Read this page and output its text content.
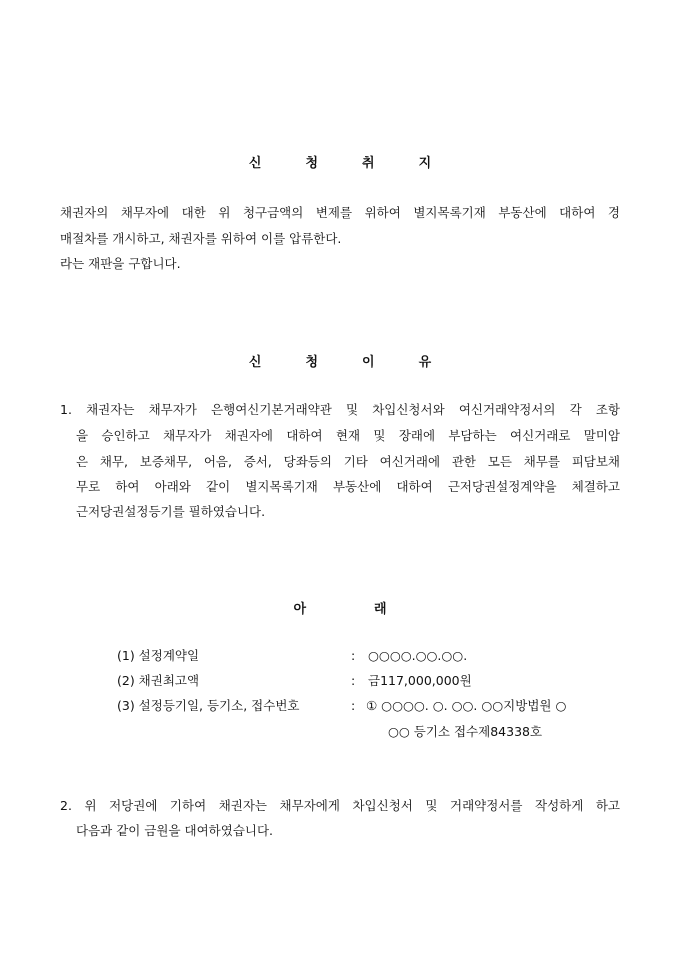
신	청	취	지
채권자의 채무자에 대한 위 청구금액의 변제를 위하여 별지목록기재 부동산에 대하여 경
매절차를 개시하고, 채권자를 위하여 이를 압류한다.
라는 재판을 구합니다.
신	청	이	유
1. 채권자는 채무자가 은행여신기본거래약관 및 차입신청서와 여신거래약정서의 각 조항
을 승인하고 채무자가 채권자에 대하여 현재 및 장래에 부담하는 여신거래로 말미암
은 채무, 보증채무, 어음, 증서, 당좌등의 기타 여신거래에 관한 모든 채무를 피담보채
무로 하여 아래와 같이 별지목록기재 부동산에 대하여 근저당권설정계약을 체결하고
근저당권설정등기를 필하였습니다.
아	래
(1) 설정계약일	: ○○○○.○○.○○.
(2) 채권최고액	: 금117,000,000원
(3) 설정등기일, 등기소, 접수번호	: ① ○○○○. ○. ○○. ○○지방법원 ○
○○ 등기소 접수제84338호
2. 위 저당권에 기하여 채권자는 채무자에게 차입신청서 및 거래약정서를 작성하게 하고
다음과 같이 금원을 대여하였습니다.
